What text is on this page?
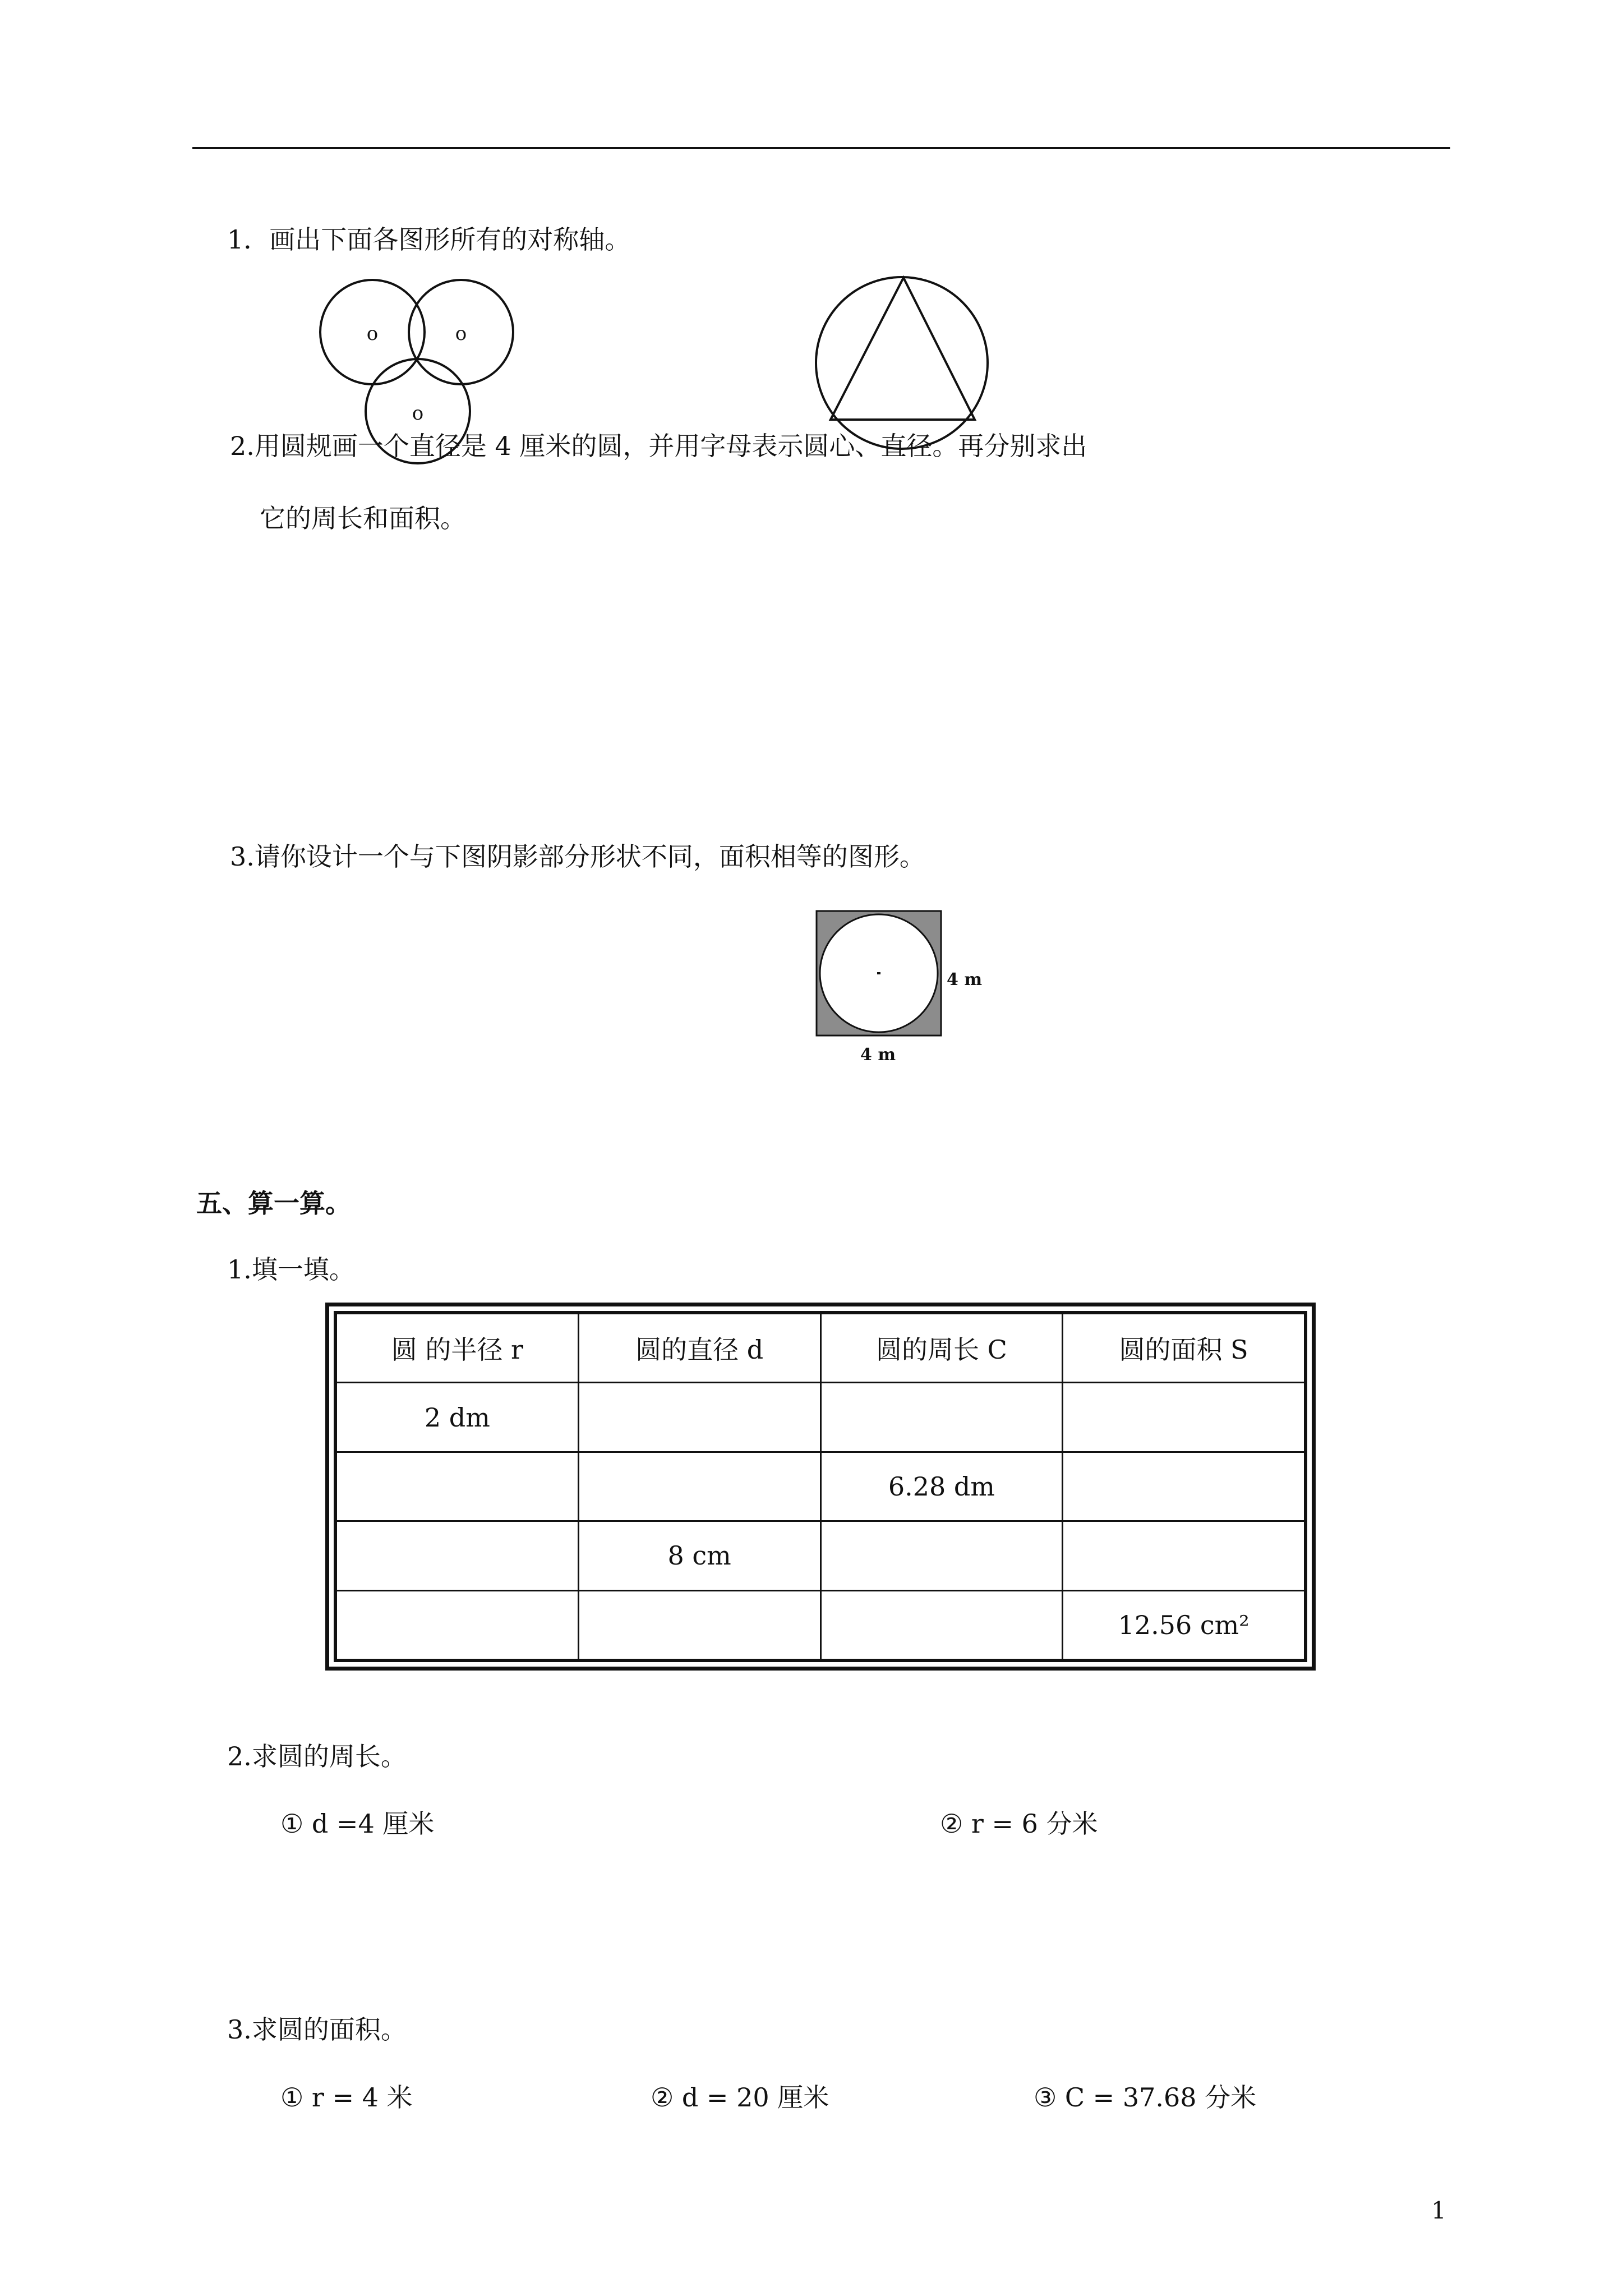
1．画出下面各图形所有的对称轴。
o	o
o
2.用圆规画一个直径是 4 厘米的圆，并用字母表示圆心、直径。再分别求出
它的周长和面积。
3.请你设计一个与下图阴影部分形状不同，面积相等的图形。
4 m
4 m
五、算一算。
1.填一填。
圆 的半径 r	圆的直径 d	圆的周长 C	圆的面积 S
2 dm			
		6.28 dm	
	8 cm		
			12.56 cm²
2.求圆的周长。
① d =4 厘米	② r = 6 分米
3.求圆的面积。
① r = 4 米	② d = 20 厘米	③ C = 37.68 分米
1
